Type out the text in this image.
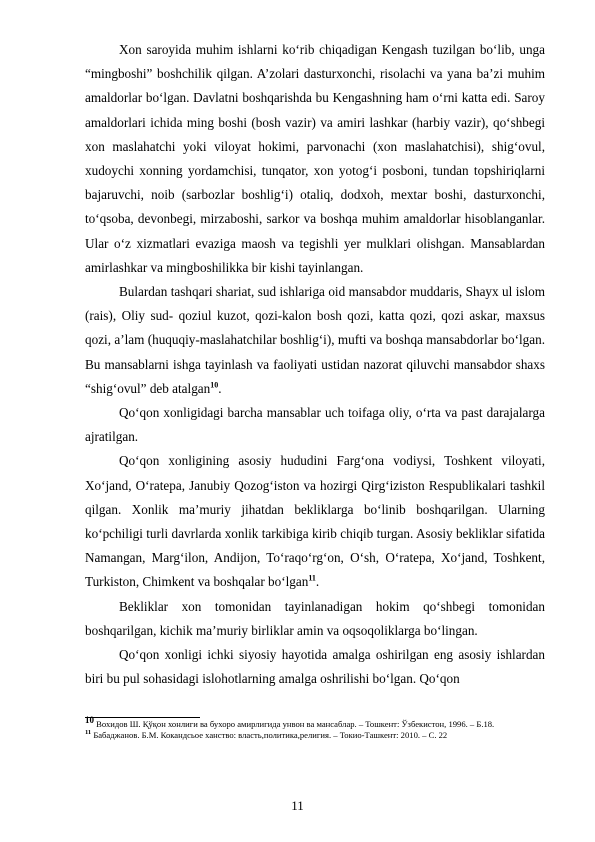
Xon saroyida muhim ishlarni ko‘rib chiqadigan Kengash tuzilgan bo‘lib, unga “mingboshi” boshchilik qilgan. A’zolari dasturxonchi, risolachi va yana ba’zi muhim amaldorlar bo‘lgan. Davlatni boshqarishda bu Kengashning ham o‘rni katta edi. Saroy amaldorlari ichida ming boshi (bosh vazir) va amiri lashkar (harbiy vazir), qo‘shbegi xon maslahatchi yoki viloyat hokimi, parvonachi (xon maslahatchisi), shig‘ovul, xudoychi xonning yordamchisi, tunqator, xon yotog‘i posboni, tundan topshiriqlarni bajaruvchi, noib (sarbozlar boshlig‘i) otaliq, dodxoh, mextar boshi, dasturxonchi, to‘qsoba, devonbegi, mirzaboshi, sarkor va boshqa muhim amaldorlar hisoblanganlar. Ular o‘z xizmatlari evaziga maosh va tegishli yer mulklari olishgan. Mansablardan amirlashkar va mingboshilikka bir kishi tayinlangan.

Bulardan tashqari shariat, sud ishlariga oid mansabdor muddaris, Shayx ul islom (rais), Oliy sud- qoziul kuzot, qozi-kalon bosh qozi, katta qozi, qozi askar, maxsus qozi, a’lam (huquqiy-maslahatchilar boshlig‘i), mufti va boshqa mansabdorlar bo‘lgan. Bu mansablarni ishga tayinlash va faoliyati ustidan nazorat qiluvchi mansabdor shaxs “shig‘ovul” deb atalgan$^{10}$.

Qo‘qon xonligidagi barcha mansablar uch toifaga oliy, o‘rta va past darajalarga ajratilgan.

Qo‘qon xonligining asosiy hududini Farg‘ona vodiysi, Toshkent viloyati, Xo‘jand, O‘ratepa, Janubiy Qozog‘iston va hozirgi Qirg‘iziston Respublikalari tashkil qilgan. Xonlik ma’muriy jihatdan bekliklarga bo‘linib boshqarilgan. Ularning ko‘pchiligi turli davrlarda xonlik tarkibiga kirib chiqib turgan. Asosiy bekliklar sifatida Namangan, Marg‘ilon, Andijon, To‘raqo‘rg‘on, O‘sh, O‘ratepa, Xo‘jand, Toshkent, Turkiston, Chimkent va boshqalar bo‘lgan$^{11}$.

Bekliklar xon tomonidan tayinlanadigan hokim qo‘shbegi tomonidan boshqarilgan, kichik ma’muriy birliklar amin va oqsoqoliklarga bo‘lingan.

Qo‘qon xonligi ichki siyosiy hayotida amalga oshirilgan eng asosiy ishlardan biri bu pul sohasidagi islohotlarning amalga oshrilishi bo‘lgan. Qo‘qon

10 Вохидов Ш. Қўқон хонлиги ва бухоро амирлигида унвон ва мансаблар. – Тошкент: Ўзбекистон, 1996. – Б.18.

$^{11}$ Бабаджанов. Б.М. Кокандсьое ханство: власть,политика,религия. – Токио-Ташкент: 2010. – С. 22

11
